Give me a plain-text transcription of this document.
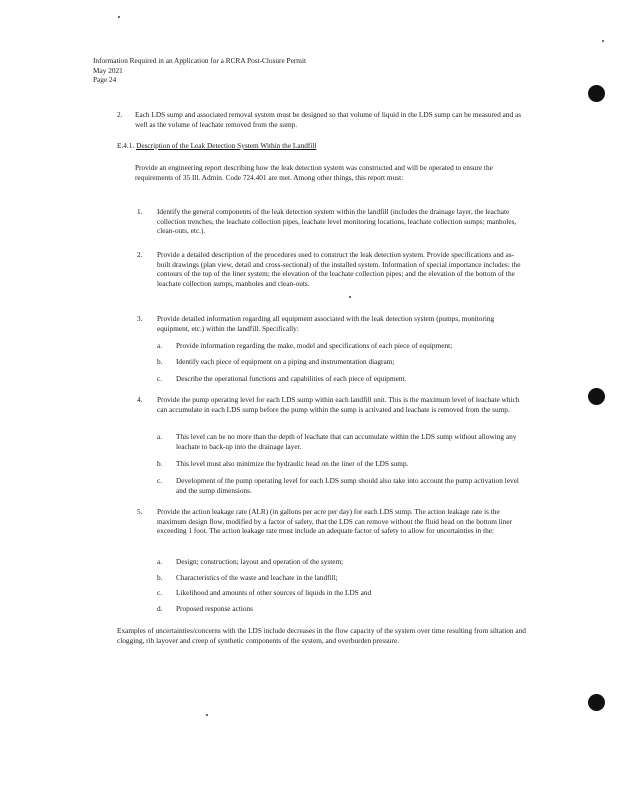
Information Required in an Application for a RCRA Post-Closure Permit
May 2021
Page 24
2. Each LDS sump and associated removal system must be designed so that volume of liquid in the LDS sump can be measured and as well as the volume of leachate removed from the sump.
E.4.1. Description of the Leak Detection System Within the Landfill
Provide an engineering report describing how the leak detection system was constructed and will be operated to ensure the requirements of 35 Ill. Admin. Code 724.401 are met. Among other things, this report must:
1. Identify the general components of the leak detection system within the landfill (includes the drainage layer, the leachate collection trenches, the leachate collection pipes, leachate level monitoring locations, leachate collection sumps; manholes, clean-outs, etc.).
2. Provide a detailed description of the procedures used to construct the leak detection system. Provide specifications and as-built drawings (plan view, detail and cross-sectional) of the installed system. Information of special importance includes: the contours of the top of the liner system; the elevation of the leachate collection pipes; and the elevation of the bottom of the leachate collection sumps, manholes and clean-outs.
3. Provide detailed information regarding all equipment associated with the leak detection system (pumps, monitoring equipment, etc.) within the landfill. Specifically:
a. Provide information regarding the make, model and specifications of each piece of equipment;
b. Identify each piece of equipment on a piping and instrumentation diagram;
c. Describe the operational functions and capabilities of each piece of equipment.
4. Provide the pump operating level for each LDS sump within each landfill unit. This is the maximum level of leachate which can accumulate in each LDS sump before the pump within the sump is activated and leachate is removed from the sump.
a. This level can be no more than the depth of leachate that can accumulate within the LDS sump without allowing any leachate to back-up into the drainage layer.
b. This level must also minimize the hydraulic head on the liner of the LDS sump.
c. Development of the pump operating level for each LDS sump should also take into account the pump activation level and the sump dimensions.
5. Provide the action leakage rate (ALR) (in gallons per acre per day) for each LDS sump. The action leakage rate is the maximum design flow, modified by a factor of safety, that the LDS can remove without the fluid head on the bottom liner exceeding 1 foot. The action leakage rate must include an adequate factor of safety to allow for uncertainties in the:
a. Design; construction; layout and operation of the system;
b. Characteristics of the waste and leachate in the landfill;
c. Likelihood and amounts of other sources of liquids in the LDS and
d. Proposed response actions
Examples of uncertainties/concerns with the LDS include decreases in the flow capacity of the system over time resulting from siltation and clogging, rib layover and creep of synthetic components of the system, and overburden pressure.
